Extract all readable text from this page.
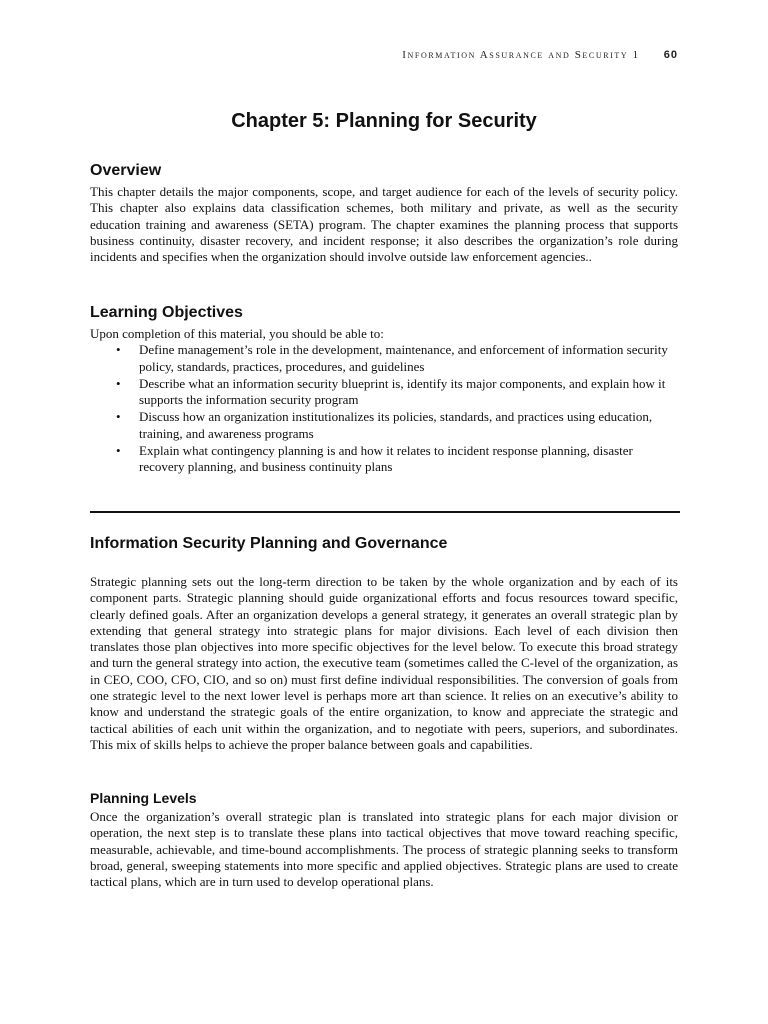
Information Assurance and Security 1 60
Chapter 5: Planning for Security
Overview

This chapter details the major components, scope, and target audience for each of the levels of security policy. This chapter also explains data classification schemes, both military and private, as well as the security education training and awareness (SETA) program. The chapter examines the planning process that supports business continuity, disaster recovery, and incident response; it also describes the organization’s role during incidents and specifies when the organization should involve outside law enforcement agencies..

Learning Objectives

Upon completion of this material, you should be able to:

• Define management’s role in the development, maintenance, and enforcement of information security policy, standards, practices, procedures, and guidelines
• Describe what an information security blueprint is, identify its major components, and explain how it supports the information security program
• Discuss how an organization institutionalizes its policies, standards, and practices using education, training, and awareness programs
• Explain what contingency planning is and how it relates to incident response planning, disaster recovery planning, and business continuity plans
Information Security Planning and Governance

Strategic planning sets out the long-term direction to be taken by the whole organization and by each of its component parts. Strategic planning should guide organizational efforts and focus resources toward specific, clearly defined goals. After an organization develops a general strategy, it generates an overall strategic plan by extending that general strategy into strategic plans for major divisions. Each level of each division then translates those plan objectives into more specific objectives for the level below. To execute this broad strategy and turn the general strategy into action, the executive team (sometimes called the C-level of the organization, as in CEO, COO, CFO, CIO, and so on) must first define individual responsibilities. The conversion of goals from one strategic level to the next lower level is perhaps more art than science. It relies on an executive’s ability to know and understand the strategic goals of the entire organization, to know and appreciate the strategic and tactical abilities of each unit within the organization, and to negotiate with peers, superiors, and subordinates. This mix of skills helps to achieve the proper balance between goals and capabilities.

Planning Levels

Once the organization’s overall strategic plan is translated into strategic plans for each major division or operation, the next step is to translate these plans into tactical objectives that move toward reaching specific, measurable, achievable, and time-bound accomplishments. The process of strategic planning seeks to transform broad, general, sweeping statements into more specific and applied objectives. Strategic plans are used to create tactical plans, which are in turn used to develop operational plans.
